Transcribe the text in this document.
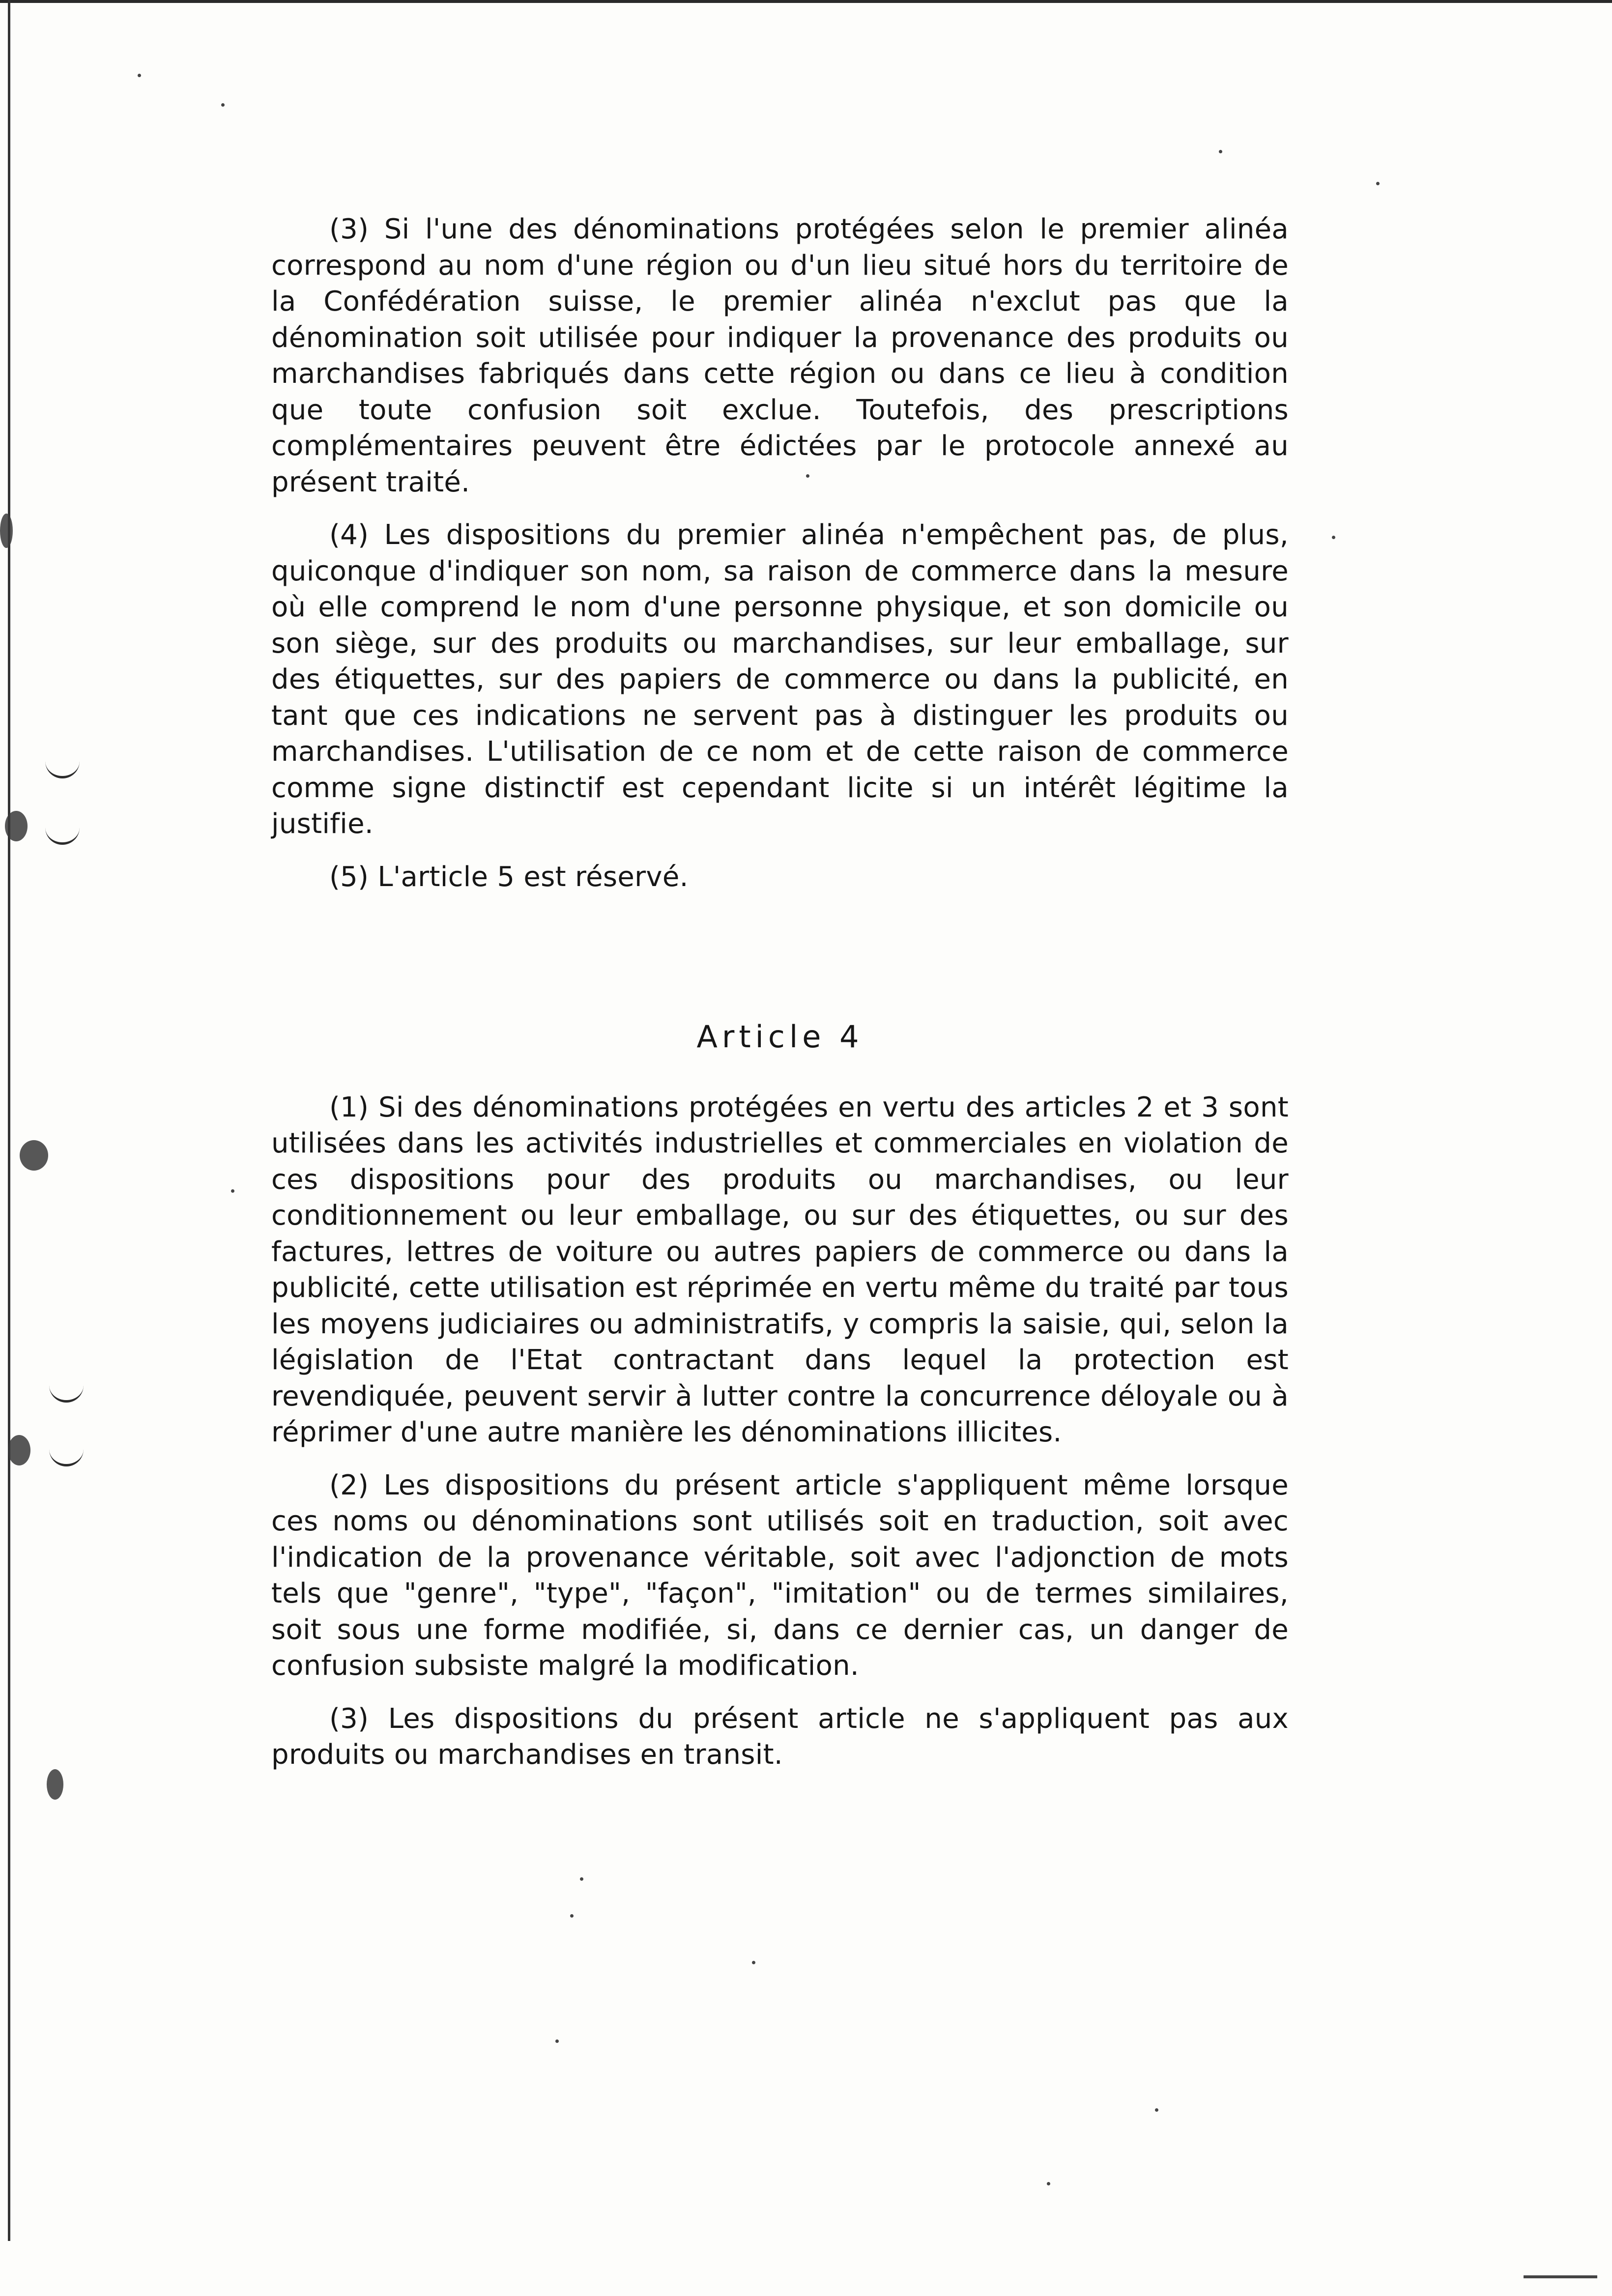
(3) Si l'une des dénominations protégées selon le premier alinéa correspond au nom d'une région ou d'un lieu situé hors du territoire de la Confédération suisse, le premier alinéa n'exclut pas que la dénomination soit utilisée pour indiquer la provenance des produits ou marchandises fabriqués dans cette région ou dans ce lieu à condition que toute confusion soit exclue. Toutefois, des prescriptions complémentaires peuvent être édictées par le protocole annexé au présent traité.

(4) Les dispositions du premier alinéa n'empêchent pas, de plus, quiconque d'indiquer son nom, sa raison de commerce dans la mesure où elle comprend le nom d'une personne physique, et son domicile ou son siège, sur des produits ou marchandises, sur leur emballage, sur des étiquettes, sur des papiers de commerce ou dans la publicité, en tant que ces indications ne servent pas à distinguer les produits ou marchandises. L'utilisation de ce nom et de cette raison de commerce comme signe distinctif est cependant licite si un intérêt légitime la justifie.

(5) L'article 5 est réservé.

Article 4

(1) Si des dénominations protégées en vertu des articles 2 et 3 sont utilisées dans les activités industrielles et commerciales en violation de ces dispositions pour des produits ou marchandises, ou leur conditionnement ou leur emballage, ou sur des étiquettes, ou sur des factures, lettres de voiture ou autres papiers de commerce ou dans la publicité, cette utilisation est réprimée en vertu même du traité par tous les moyens judiciaires ou administratifs, y compris la saisie, qui, selon la législation de l'Etat contractant dans lequel la protection est revendiquée, peuvent servir à lutter contre la concurrence déloyale ou à réprimer d'une autre manière les dénominations illicites.

(2) Les dispositions du présent article s'appliquent même lorsque ces noms ou dénominations sont utilisés soit en traduction, soit avec l'indication de la provenance véritable, soit avec l'adjonction de mots tels que "genre", "type", "façon", "imitation" ou de termes similaires, soit sous une forme modifiée, si, dans ce dernier cas, un danger de confusion subsiste malgré la modification.

(3) Les dispositions du présent article ne s'appliquent pas aux produits ou marchandises en transit.
